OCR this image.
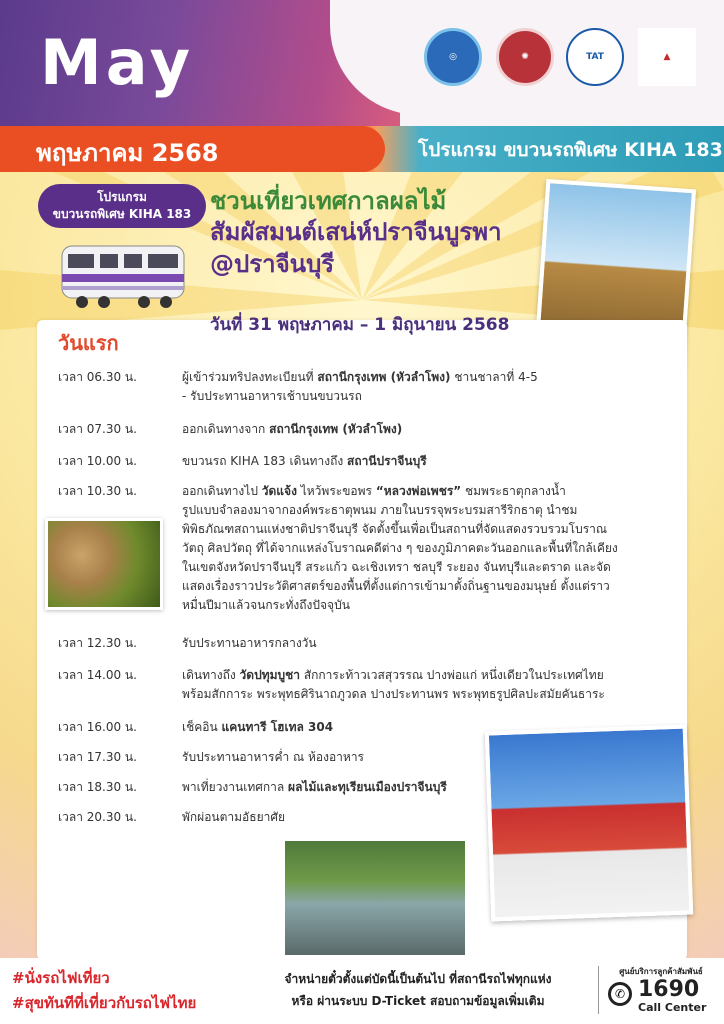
May	◎	✺	TAT	▲
พฤษภาคม 2568	โปรแกรม ขบวนรถพิเศษ KIHA 183
โปรแกรม
ขบวนรถพิเศษ KIHA 183 ชวนเที่ยวเทศกาลผลไม้
สัมผัสมนต์เสน่ห์ปราจีนบูรพา
@ปราจีนบุรี
วันที่ 31 พฤษภาคม – 1 มิถุนายน 2568
วันแรก
เวลา 06.30 น.	ผู้เข้าร่วมทริปลงทะเบียนที่ สถานีกรุงเทพ (หัวลำโพง) ชานชาลาที่ 4-5
- รับประทานอาหารเช้าบนขบวนรถ
เวลา 07.30 น.	ออกเดินทางจาก สถานีกรุงเทพ (หัวลำโพง)
เวลา 10.00 น.	ขบวนรถ KIHA 183 เดินทางถึง สถานีปราจีนบุรี
เวลา 10.30 น.	ออกเดินทางไป วัดแจ้ง ไหว้พระขอพร “หลวงพ่อเพชร” ชมพระธาตุกลางน้ำ
รูปแบบจำลองมาจากองค์พระธาตุพนม ภายในบรรจุพระบรมสารีริกธาตุ นำชม พิพิธภัณฑสถานแห่งชาติปราจีนบุรี จัดตั้งขึ้นเพื่อเป็นสถานที่จัดแสดงรวบรวมโบราณวัตถุ ศิลปวัตถุ ที่ได้จากแหล่งโบราณคดีต่าง ๆ ของภูมิภาคตะวันออกและพื้นที่ใกล้เคียง ในเขตจังหวัดปราจีนบุรี สระแก้ว ฉะเชิงเทรา ชลบุรี ระยอง จันทบุรีและตราด และจัดแสดงเรื่องราวประวัติศาสตร์ของพื้นที่ตั้งแต่การเข้ามาตั้งถิ่นฐานของมนุษย์ ตั้งแต่ราวหมื่นปีมาแล้วจนกระทั่งถึงปัจจุบัน
เวลา 12.30 น.	รับประทานอาหารกลางวัน
เวลา 14.00 น.	เดินทางถึง วัดปทุมบูชา สักการะท้าวเวสสุวรรณ ปางพ่อแก่ หนึ่งเดียวในประเทศไทย
พร้อมสักการะ พระพุทธศิรินาถภูวดล ปางประทานพร พระพุทธรูปศิลปะสมัยคันธาระ
เวลา 16.00 น.	เช็คอิน แคนทารี โฮเทล 304
เวลา 17.30 น.	รับประทานอาหารค่ำ ณ ห้องอาหาร
เวลา 18.30 น.	พาเที่ยวงานเทศกาล ผลไม้และทุเรียนเมืองปราจีนบุรี
เวลา 20.30 น.	พักผ่อนตามอัธยาศัย
#นั่งรถไฟเที่ยว
#สุขทันทีที่เที่ยวกับรถไฟไทย
จำหน่ายตั๋วตั้งแต่บัดนี้เป็นต้นไป ที่สถานีรถไฟทุกแห่ง
หรือ ผ่านระบบ D-Ticket สอบถามข้อมูลเพิ่มเติม
ศูนย์บริการลูกค้าสัมพันธ์
✆ 1690
Call Center
